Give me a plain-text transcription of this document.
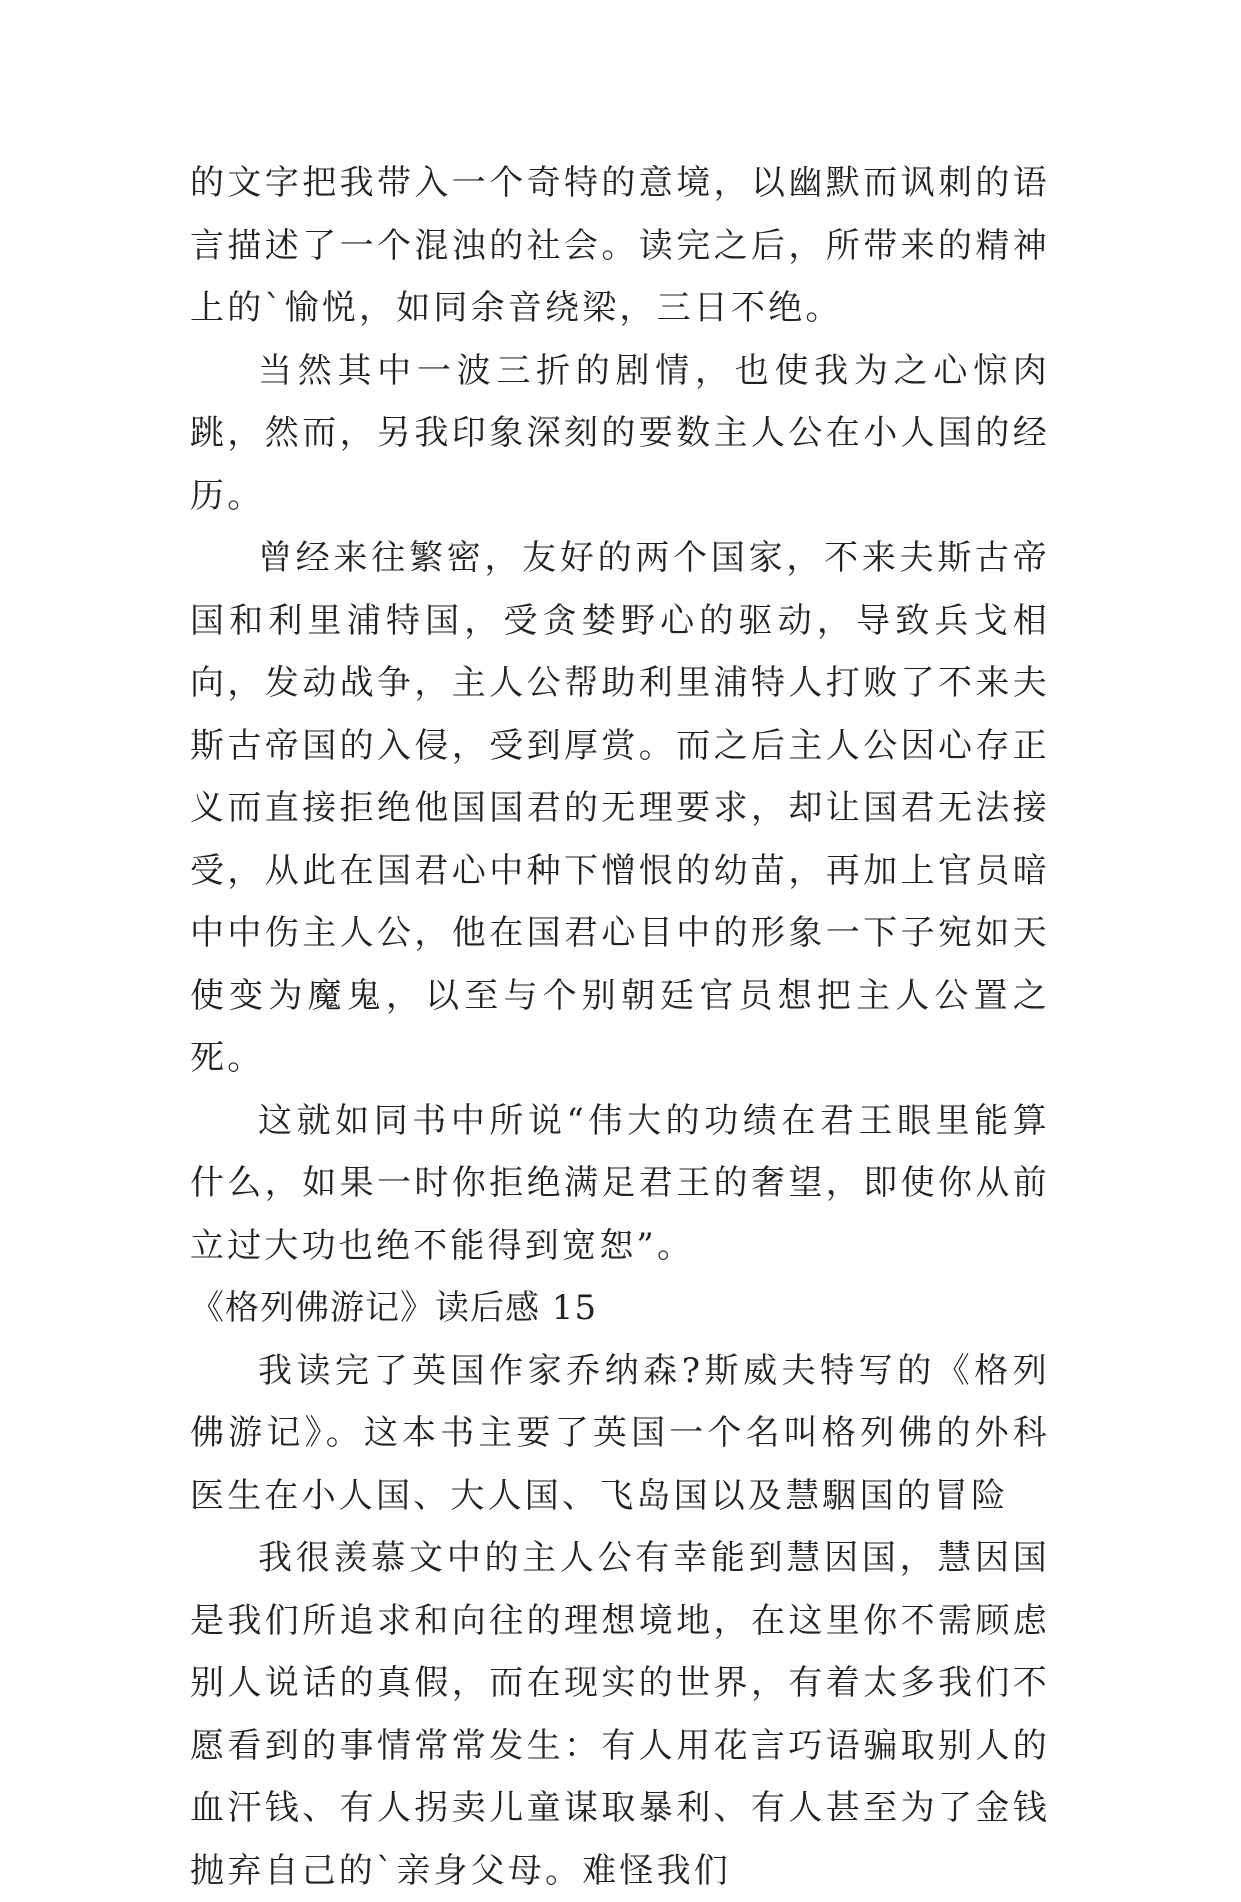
的文字把我带入一个奇特的意境，以幽默而讽刺的语言描述了一个混浊的社会。读完之后，所带来的精神上的`愉悦，如同余音绕梁，三日不绝。

当然其中一波三折的剧情，也使我为之心惊肉跳，然而，另我印象深刻的要数主人公在小人国的经历。

曾经来往繁密，友好的两个国家，不来夫斯古帝国和利里浦特国，受贪婪野心的驱动，导致兵戈相向，发动战争，主人公帮助利里浦特人打败了不来夫斯古帝国的入侵，受到厚赏。而之后主人公因心存正义而直接拒绝他国国君的无理要求，却让国君无法接受，从此在国君心中种下憎恨的幼苗，再加上官员暗中中伤主人公，他在国君心目中的形象一下子宛如天使变为魔鬼，以至与个别朝廷官员想把主人公置之死。

这就如同书中所说“伟大的功绩在君王眼里能算什么，如果一时你拒绝满足君王的奢望，即使你从前立过大功也绝不能得到宽恕”。

《格列佛游记》读后感 15

我读完了英国作家乔纳森?斯威夫特写的《格列佛游记》。这本书主要了英国一个名叫格列佛的外科医生在小人国、大人国、飞岛国以及慧駰国的冒险

我很羡慕文中的主人公有幸能到慧因国，慧因国是我们所追求和向往的理想境地，在这里你不需顾虑别人说话的真假，而在现实的世界，有着太多我们不愿看到的事情常常发生：有人用花言巧语骗取别人的血汗钱、有人拐卖儿童谋取暴利、有人甚至为了金钱抛弃自己的`亲身父母。难怪我们
